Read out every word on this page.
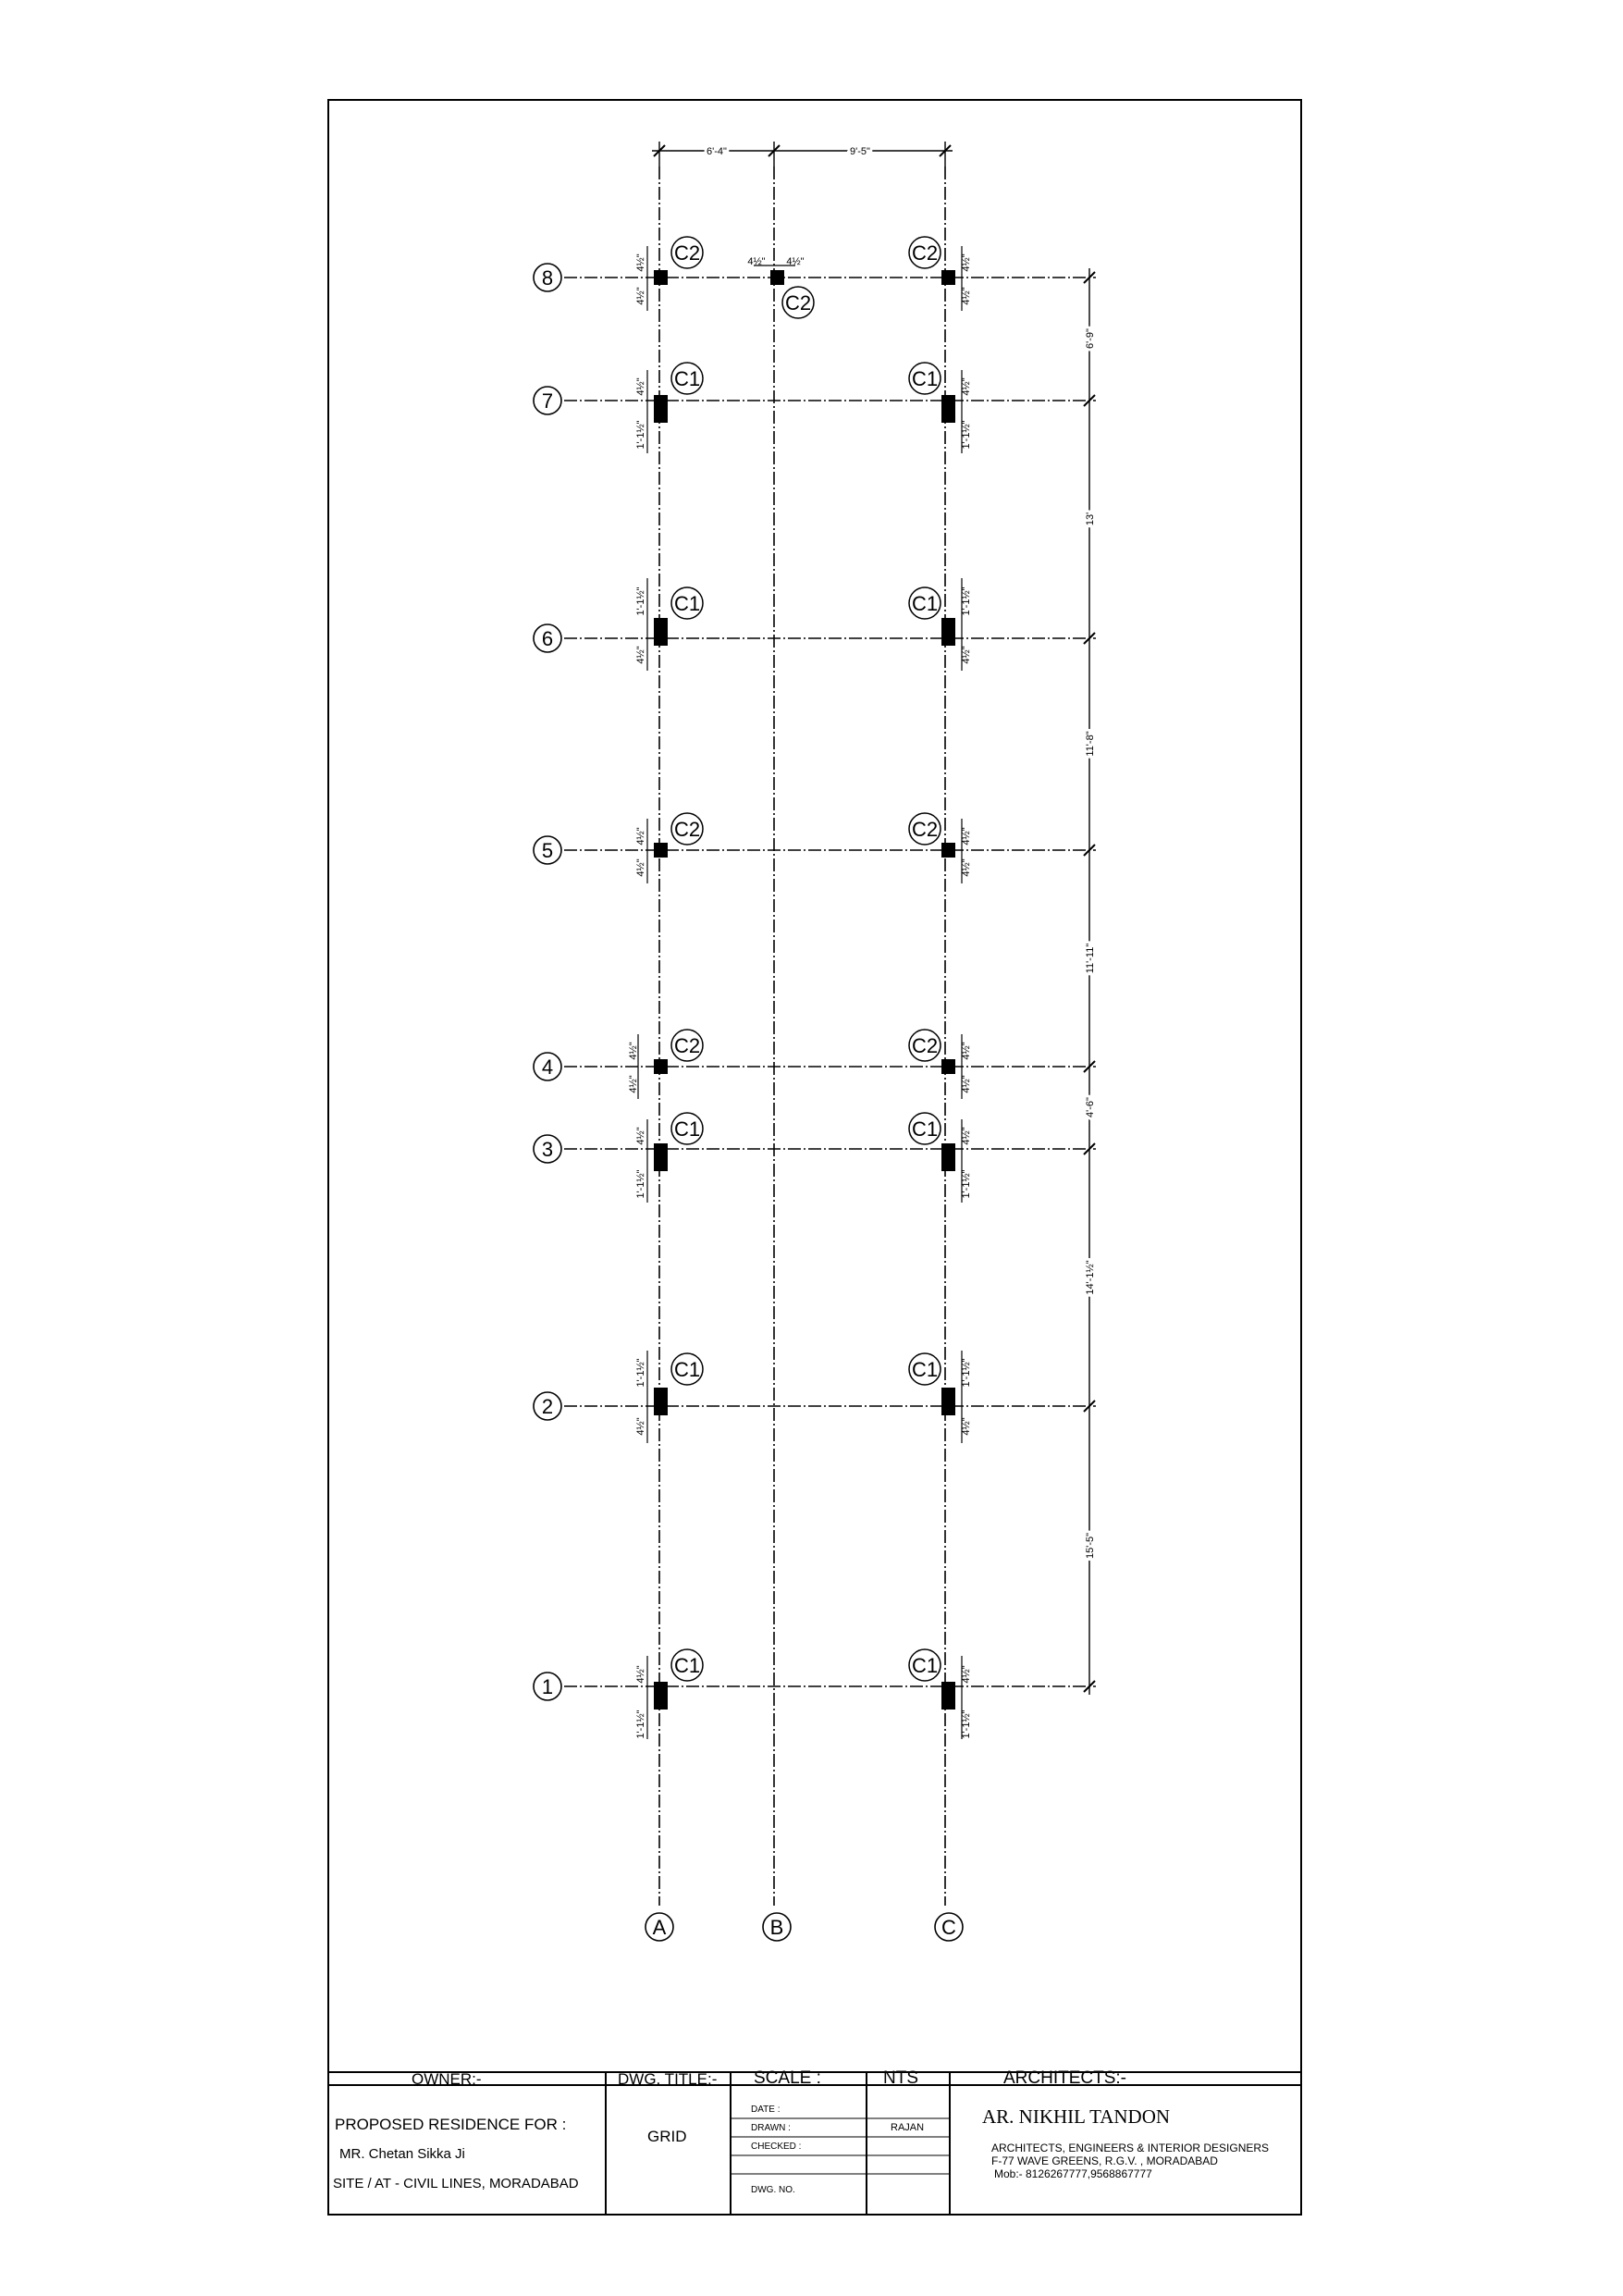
8
7
6
5
4
3
2
1
A	B	C
6'-4"	9'-5"
6'-9"
13'
11'-8"
11'-11"
4'-6"
14'-1½"
15'-5"
C2
C2
C2
C1	C1
C1	C1
C2	C2
C2	C2
C1	C1
C1	C1
C1	C1
4½"
4½"
4½" 4½"	4½"
4½"
4½"
1'-1½"
4½"
1'-1½"
1'-1½"
4½"
1'-1½"
4½"
4½"
4½"
4½"
4½"
4½"
4½"
4½"
4½"
4½"
1'-1½"
4½"
1'-1½"
1'-1½"
4½"
1'-1½"
4½"
4½"
1'-1½"
4½"
1'-1½"
OWNER:-	DWG. TITLE:- SCALE :	NTS	ARCHITECTS:-
PROPOSED RESIDENCE FOR :
MR. Chetan Sikka Ji
SITE / AT - CIVIL LINES, MORADABAD
GRID
DATE :
DRAWN :	RAJAN
CHECKED :
DWG. NO.
AR. NIKHIL TANDON
ARCHITECTS, ENGINEERS & INTERIOR DESIGNERS
F-77 WAVE GREENS, R.G.V. , MORADABAD
Mob:- 8126267777,9568867777
